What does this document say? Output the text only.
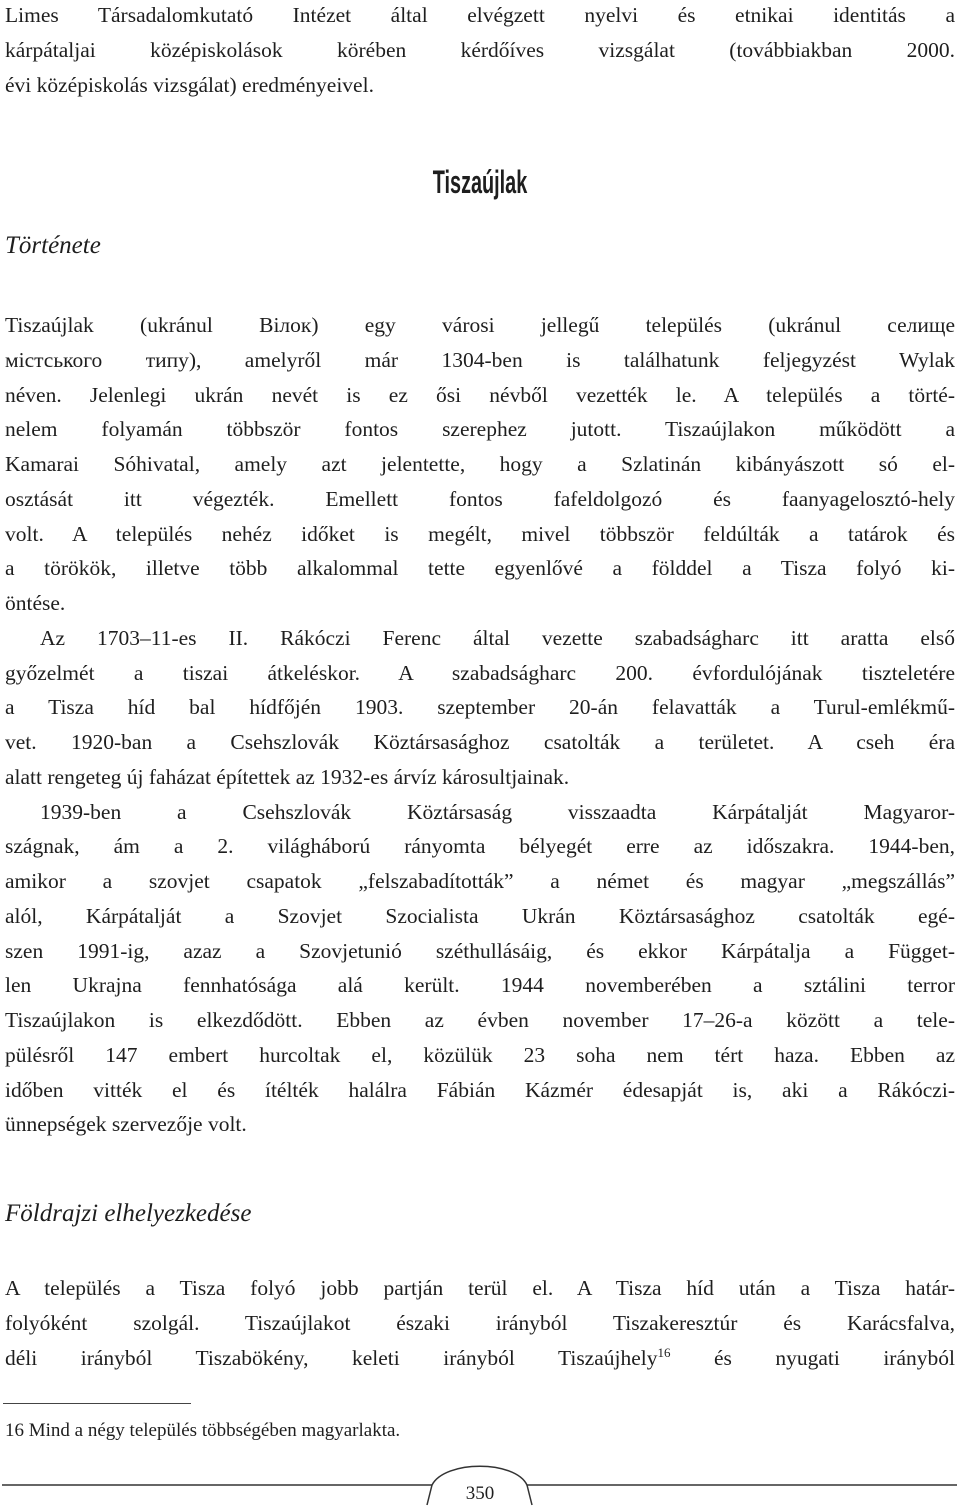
Limes Társadalomkutató Intézet által elvégzett nyelvi és etnikai identitás a
kárpátaljai középiskolások körében kérdőíves vizsgálat (továbbiakban 2000.
évi középiskolás vizsgálat) eredményeivel.
Tiszaújlak
Története
Tiszaújlak (ukránul Вілок) egy városi jellegű település (ukránul селище
містського типу), amelyről már 1304-ben is találhatunk feljegyzést Wylak
néven. Jelenlegi ukrán nevét is ez ősi névből vezették le. A település a törté-
nelem folyamán többször fontos szerephez jutott. Tiszaújlakon működött a
Kamarai Sóhivatal, amely azt jelentette, hogy a Szlatinán kibányászott só el-
osztását itt végezték. Emellett fontos fafeldolgozó és faanyagelosztó-hely
volt. A település nehéz időket is megélt, mivel többször feldúlták a tatárok és
a törökök, illetve több alkalommal tette egyenlővé a földdel a Tisza folyó ki-
öntése.
Az 1703–11-es II. Rákóczi Ferenc által vezette szabadságharc itt aratta első
győzelmét a tiszai átkeléskor. A szabadságharc 200. évfordulójának tiszteletére
a Tisza híd bal hídfőjén 1903. szeptember 20-án felavatták a Turul-emlékmű-
vet. 1920-ban a Csehszlovák Köztársasághoz csatolták a területet. A cseh éra
alatt rengeteg új faházat építettek az 1932-es árvíz károsultjainak.
1939-ben a Csehszlovák Köztársaság visszaadta Kárpátalját Magyaror-
szágnak, ám a 2. világháború rányomta bélyegét erre az időszakra. 1944-ben,
amikor a szovjet csapatok „felszabadították” a német és magyar „megszállás”
alól, Kárpátalját a Szovjet Szocialista Ukrán Köztársasághoz csatolták egé-
szen 1991-ig, azaz a Szovjetunió széthullásáig, és ekkor Kárpátalja a Függet-
len Ukrajna fennhatósága alá került. 1944 novemberében a sztálini terror
Tiszaújlakon is elkezdődött. Ebben az évben november 17–26-a között a tele-
pülésről 147 embert hurcoltak el, közülük 23 soha nem tért haza. Ebben az
időben vitték el és ítélték halálra Fábián Kázmér édesapját is, aki a Rákóczi-
ünnepségek szervezője volt.
Földrajzi elhelyezkedése
A település a Tisza folyó jobb partján terül el. A Tisza híd után a Tisza határ-
folyóként szolgál. Tiszaújlakot északi irányból Tiszakeresztúr és Karácsfalva,
déli irányból Tiszabökény, keleti irányból Tiszaújhely$^{16}$ és nyugati irányból
16 Mind a négy település többségében magyarlakta.
350
